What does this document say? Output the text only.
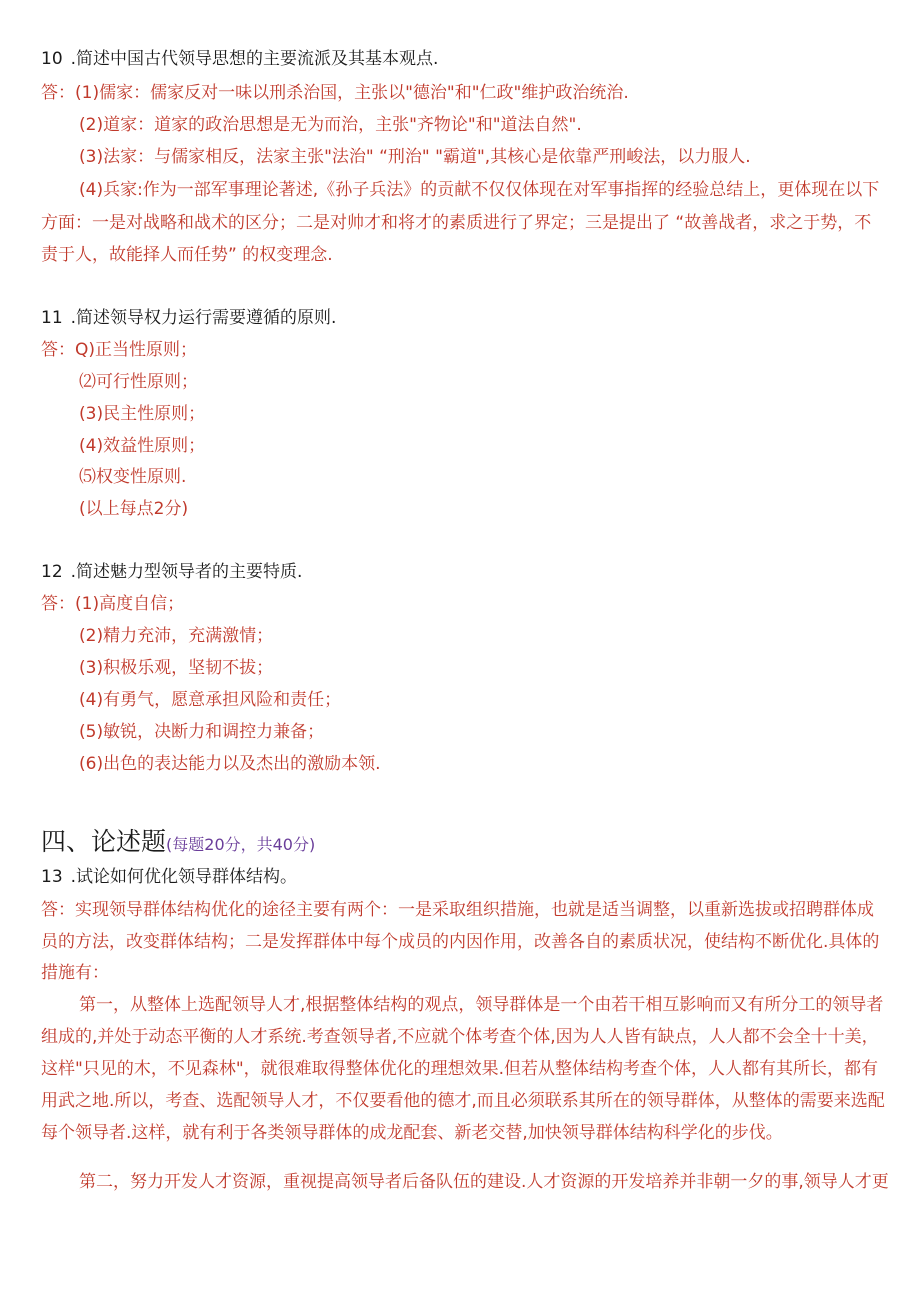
10 .简述中国古代领导思想的主要流派及其基本观点.
答：(1)儒家：儒家反对一味以刑杀治国，主张以"德治"和"仁政"维护政治统治.
(2)道家：道家的政治思想是无为而治，主张"齐物论"和"道法自然".
(3)法家：与儒家相反，法家主张"法治" “刑治" "霸道",其核心是依靠严刑峻法，以力服人.
(4)兵家:作为一部军事理论著述,《孙子兵法》的贡献不仅仅体现在对军事指挥的经验总结上，更体现在以下
方面：一是对战略和战术的区分；二是对帅才和将才的素质进行了界定；三是提出了 “故善战者，求之于势，不
责于人，故能择人而任势” 的权变理念.
11 .简述领导权力运行需要遵循的原则.
答：Q)正当性原则；
⑵可行性原则；
(3)民主性原则；
(4)效益性原则；
⑸权变性原则.
(以上每点2分)
12 .简述魅力型领导者的主要特质.
答：(1)高度自信；
(2)精力充沛，充满激情；
(3)积极乐观，坚韧不拔；
(4)有勇气，愿意承担风险和责任；
(5)敏锐，决断力和调控力兼备；
(6)出色的表达能力以及杰出的激励本领.
四、论述题(每题20分，共40分)
13 .试论如何优化领导群体结构。
答：实现领导群体结构优化的途径主要有两个：一是采取组织措施，也就是适当调整，以重新选拔或招聘群体成
员的方法，改变群体结构；二是发挥群体中每个成员的内因作用，改善各自的素质状况，使结构不断优化.具体的
措施有：
第一，从整体上选配领导人才,根据整体结构的观点，领导群体是一个由若干相互影响而又有所分工的领导者
组成的,并处于动态平衡的人才系统.考查领导者,不应就个体考查个体,因为人人皆有缺点，人人都不会全十十美，
这样"只见的木，不见森林"，就很难取得整体优化的理想效果.但若从整体结构考查个体，人人都有其所长，都有
用武之地.所以，考查、选配领导人才，不仅要看他的德才,而且必须联系其所在的领导群体，从整体的需要来选配
每个领导者.这样，就有利于各类领导群体的成龙配套、新老交替,加快领导群体结构科学化的步伐。
第二，努力开发人才资源，重视提高领导者后备队伍的建设.人才资源的开发培养并非朝一夕的事,领导人才更
